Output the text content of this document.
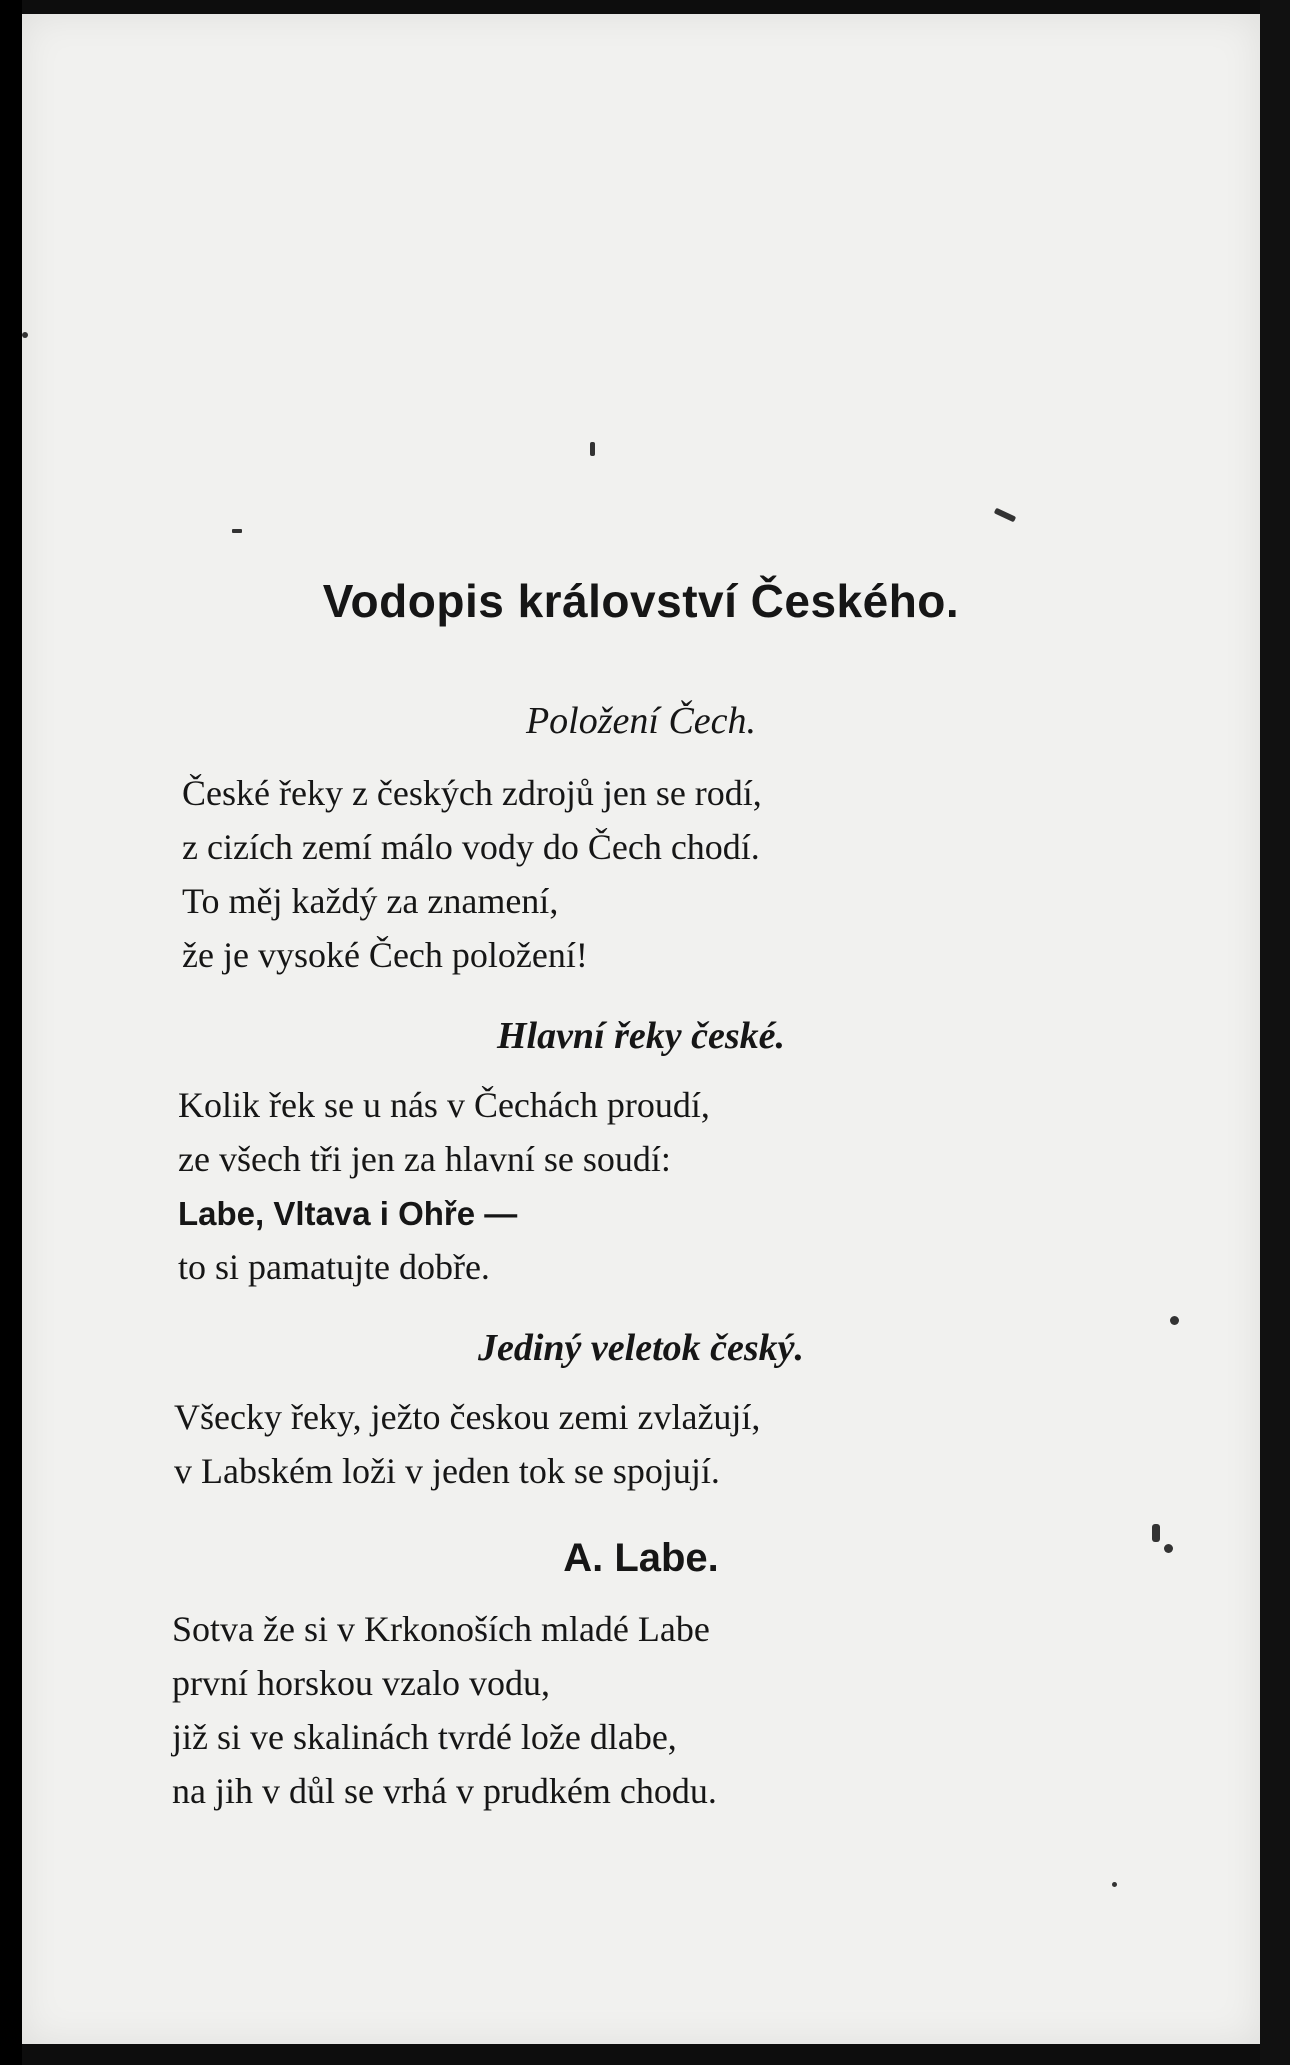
Vodopis království Českého.
Položení Čech.
České řeky z českých zdrojů jen se rodí,
z cizích zemí málo vody do Čech chodí.
To měj každý za znamení,
že je vysoké Čech položení!
Hlavní řeky české.
Kolik řek se u nás v Čechách proudí,
ze všech tři jen za hlavní se soudí:
Labe, Vltava i Ohře —
to si pamatujte dobře.
Jediný veletok český.
Všecky řeky, ježto českou zemi zvlažují,
v Labském loži v jeden tok se spojují.
A. Labe.
Sotva že si v Krkonoších mladé Labe
první horskou vzalo vodu,
již si ve skalinách tvrdé lože dlabe,
na jih v důl se vrhá v prudkém chodu.
